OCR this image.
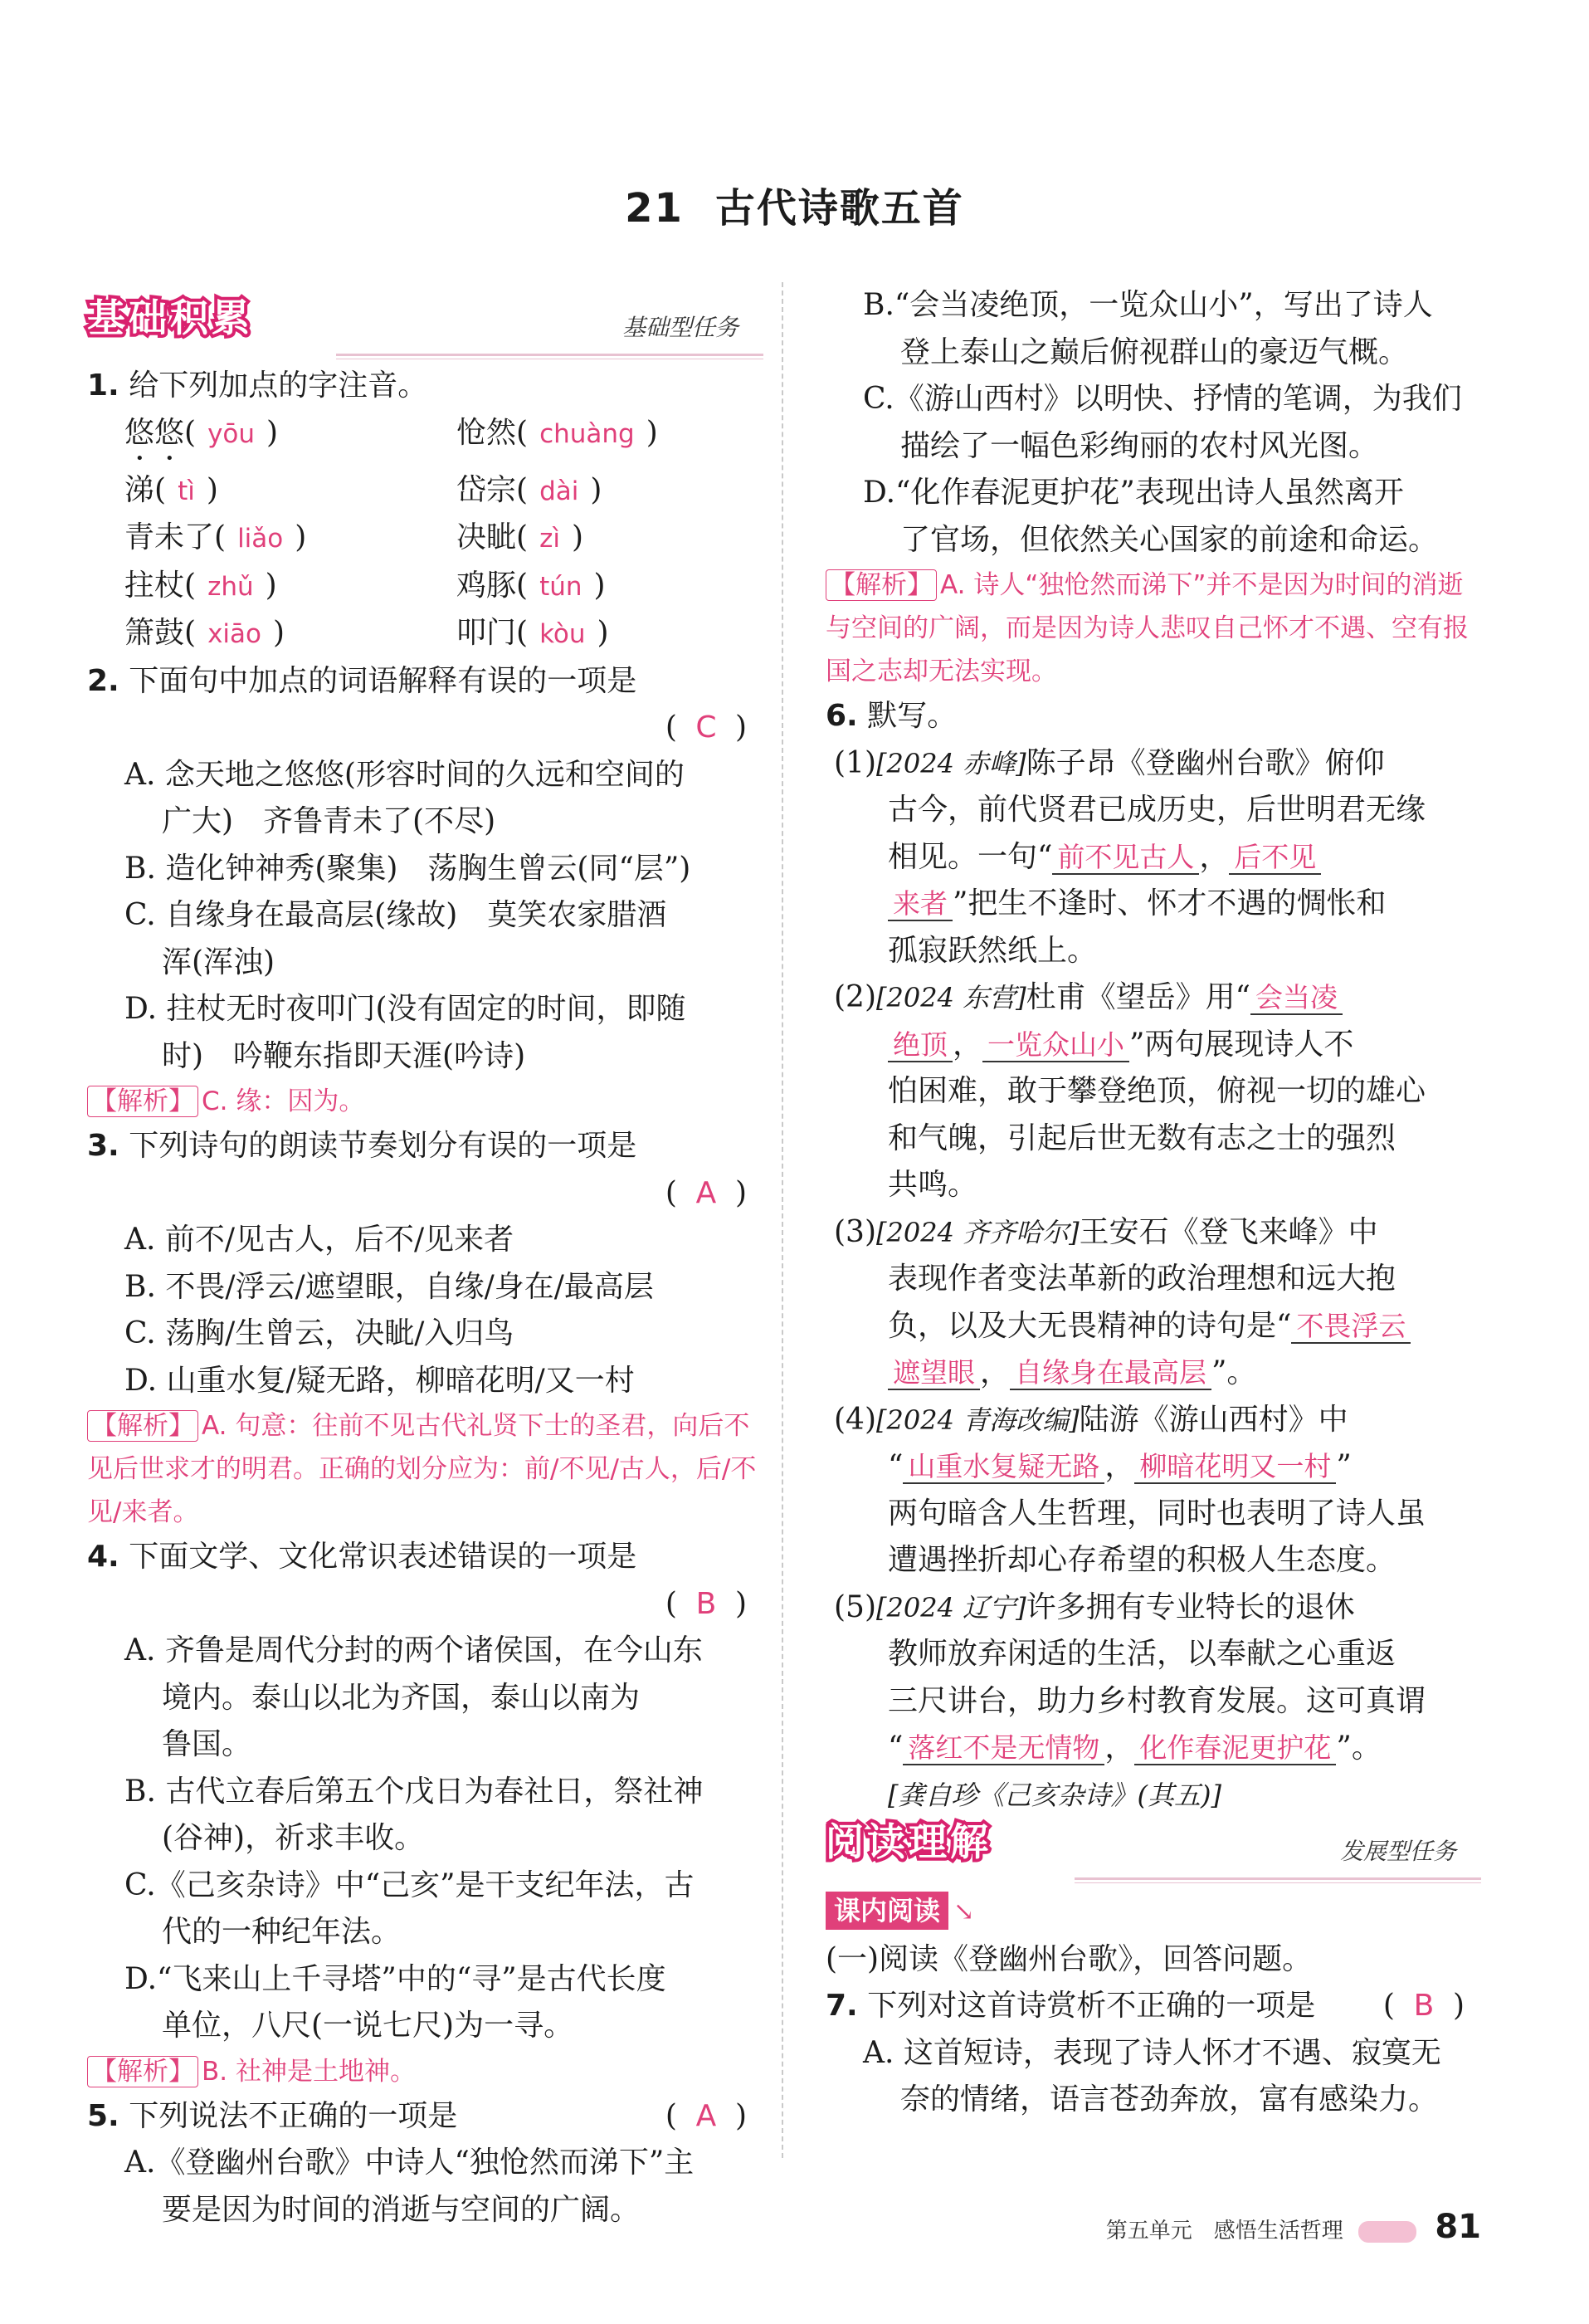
21 古代诗歌五首
基础积累	基础型任务
1. 给下列加点的字注音。
悠悠( yōu )	怆然( chuàng )
涕( tì )	岱宗( dài )
青未了( liǎo )	决眦( zì )
拄杖( zhǔ )	鸡豚( tún )
箫鼓( xiāo )	叩门( kòu )
2. 下面句中加点的词语解释有误的一项是
( C )
A. 念天地之悠悠(形容时间的久远和空间的
广大)　齐鲁青未了(不尽)
B. 造化钟神秀(聚集)　荡胸生曾云(同“层”)
C. 自缘身在最高层(缘故)　莫笑农家腊酒
浑(浑浊)
D. 拄杖无时夜叩门(没有固定的时间，即随
时)　吟鞭东指即天涯(吟诗)
【解析】 C. 缘：因为。
3. 下列诗句的朗读节奏划分有误的一项是
( A )
A. 前不/见古人，后不/见来者
B. 不畏/浮云/遮望眼，自缘/身在/最高层
C. 荡胸/生曾云，决眦/入归鸟
D. 山重水复/疑无路，柳暗花明/又一村
【解析】 A. 句意：往前不见古代礼贤下士的圣君，向后不见后世求才的明君。正确的划分应为：前/不见/古人，后/不见/来者。
4. 下面文学、文化常识表述错误的一项是
( B )
A. 齐鲁是周代分封的两个诸侯国，在今山东
境内。泰山以北为齐国，泰山以南为
鲁国。
B. 古代立春后第五个戊日为春社日，祭社神
(谷神)，祈求丰收。
C.《己亥杂诗》中“己亥”是干支纪年法，古
代的一种纪年法。
D.“飞来山上千寻塔”中的“寻”是古代长度
单位，八尺(一说七尺)为一寻。
【解析】 B. 社神是土地神。
5. 下列说法不正确的一项是	( A )
A.《登幽州台歌》中诗人“独怆然而涕下”主
要是因为时间的消逝与空间的广阔。
B.“会当凌绝顶，一览众山小”，写出了诗人
登上泰山之巅后俯视群山的豪迈气概。
C.《游山西村》以明快、抒情的笔调，为我们
描绘了一幅色彩绚丽的农村风光图。
D.“化作春泥更护花”表现出诗人虽然离开
了官场，但依然关心国家的前途和命运。
【解析】 A. 诗人“独怆然而涕下”并不是因为时间的消逝与空间的广阔，而是因为诗人悲叹自己怀才不遇、空有报国之志却无法实现。
6. 默写。
(1)[2024 赤峰]陈子昂《登幽州台歌》俯仰
古今，前代贤君已成历史，后世明君无缘
相见。一句“ 前不见古人 ， 后不见
来者 ”把生不逢时、怀才不遇的惆怅和
孤寂跃然纸上。
(2)[2024 东营]杜甫《望岳》用“ 会当凌
绝顶 ， 一览众山小 ”两句展现诗人不
怕困难，敢于攀登绝顶，俯视一切的雄心
和气魄，引起后世无数有志之士的强烈
共鸣。
(3)[2024 齐齐哈尔]王安石《登飞来峰》中
表现作者变法革新的政治理想和远大抱
负，以及大无畏精神的诗句是“ 不畏浮云
遮望眼 ， 自缘身在最高层 ”。
(4)[2024 青海改编]陆游《游山西村》中
“ 山重水复疑无路 ， 柳暗花明又一村 ”
两句暗含人生哲理，同时也表明了诗人虽
遭遇挫折却心存希望的积极人生态度。
(5)[2024 辽宁]许多拥有专业特长的退休
教师放弃闲适的生活，以奉献之心重返
三尺讲台，助力乡村教育发展。这可真谓
“ 落红不是无情物 ， 化作春泥更护花 ”。
[龚自珍《己亥杂诗》(其五)]
阅读理解	发展型任务
课内阅读 ↘
(一)阅读《登幽州台歌》，回答问题。
7. 下列对这首诗赏析不正确的一项是 ( B )
A. 这首短诗，表现了诗人怀才不遇、寂寞无
奈的情绪，语言苍劲奔放，富有感染力。
第五单元　感悟生活哲理	81
